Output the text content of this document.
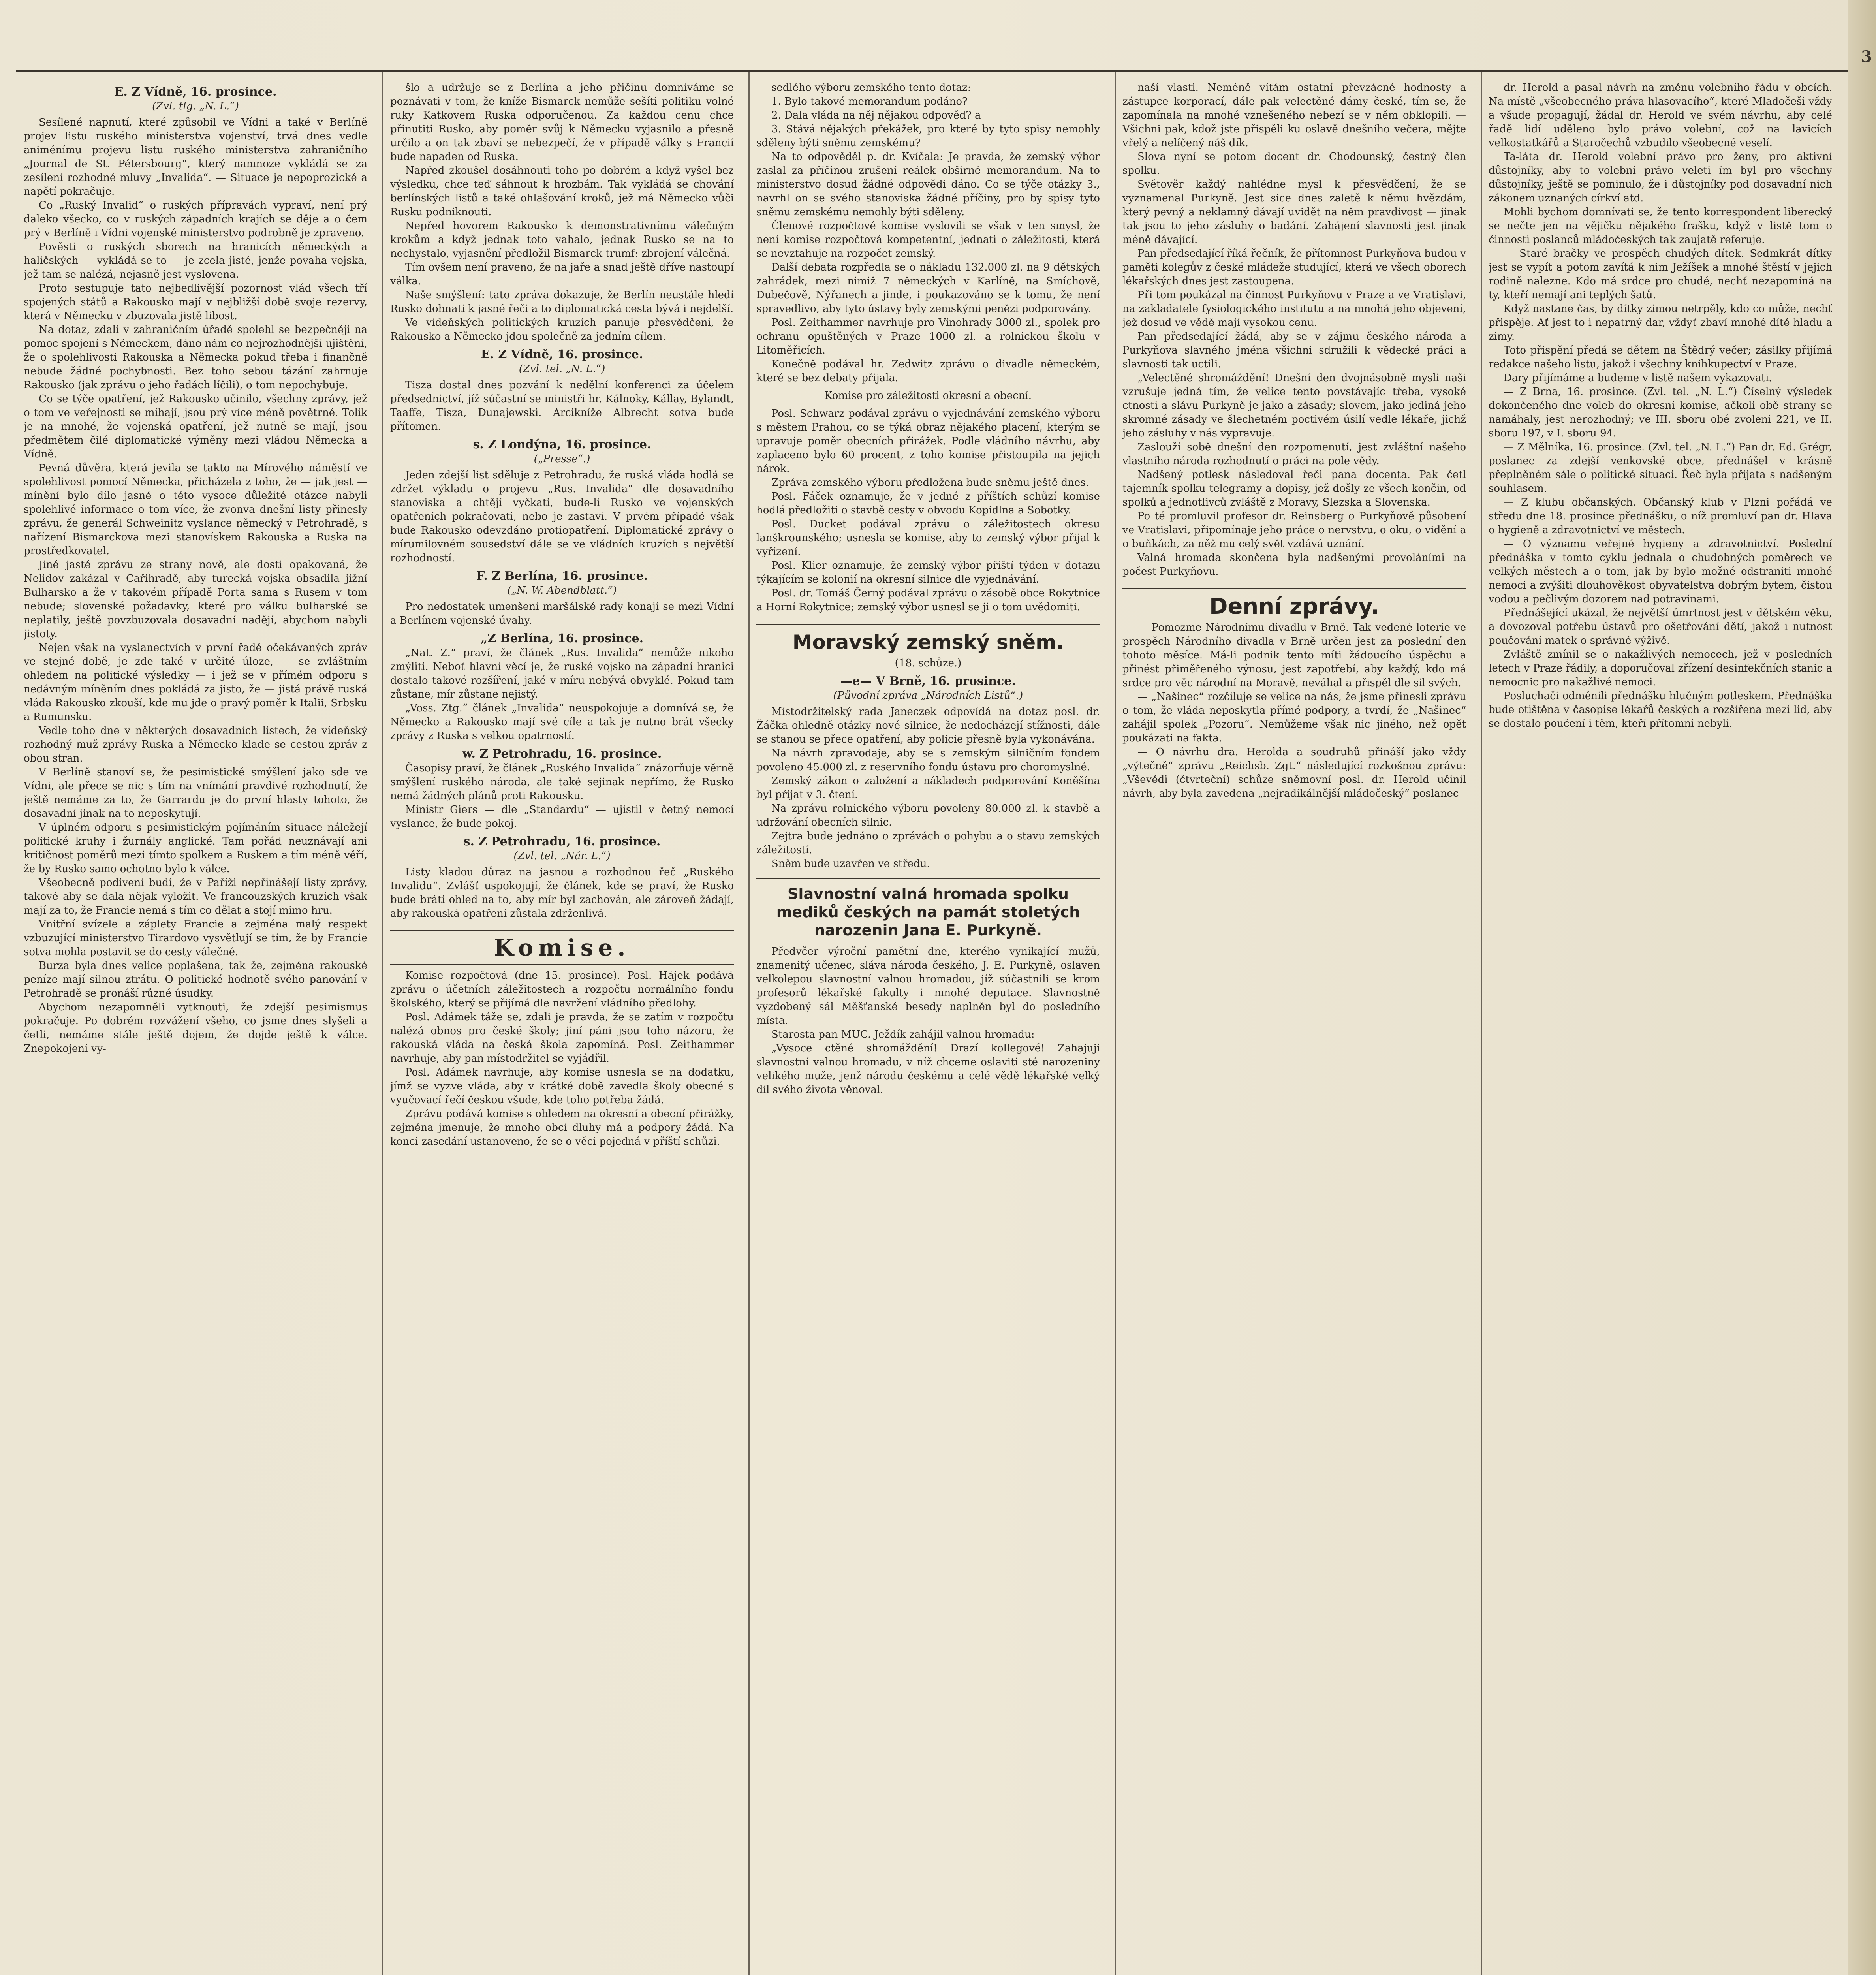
E. Z Vídně, 16. prosince.

(Zvl. tlg. „N. L.“)

Sesílené napnutí, které způsobil ve Vídni a také v Berlíně projev listu ruského ministerstva vojenství, trvá dnes vedle animénímu projevu listu ruského ministerstva zahraničního „Journal de St. Pétersbourg“, který namnoze vykládá se za zesílení rozhodné mluvy „Invalida“. — Situace je nepoprozické a napětí pokračuje.

Co „Ruský Invalid“ o ruských přípravách vypraví, není prý daleko všecko, co v ruských západních krajích se děje a o čem prý v Berlíně i Vídni vojenské ministerstvo podrobně je zpraveno.

Pověsti o ruských sborech na hranicích německých a haličských — vykládá se to — je zcela jisté, jenže povaha vojska, jež tam se nalézá, nejasně jest vyslovena.

Proto sestupuje tato nejbedlivější pozornost vlád všech tří spojených států a Rakousko mají v nejbližší době svoje rezervy, která v Německu v zbuzovala jistě libost.

Na dotaz, zdali v zahraničním úřadě spolehl se bezpečněji na pomoc spojení s Německem, dáno nám co nejrozhodnější ujištění, že o spolehlivosti Rakouska a Německa pokud třeba i finančně nebude žádné pochybnosti. Bez toho sebou tázání zahrnuje Rakousko (jak zprávu o jeho řadách líčili), o tom nepochybuje.

Co se týče opatření, jež Rakousko učinilo, všechny zprávy, jež o tom ve veřejnosti se míhají, jsou prý více méně povětrné. Tolik je na mnohé, že vojenská opatření, jež nutně se mají, jsou předmětem čilé diplomatické výměny mezi vládou Německa a Vídně.

Pevná důvěra, která jevila se takto na Mírového náměstí ve spolehlivost pomocí Německa, přicházela z toho, že — jak jest — mínění bylo dílo jasné o této vysoce důležité otázce nabyli spolehlivé informace o tom více, že zvonva dnešní listy přinesly zprávu, že generál Schweinitz vyslance německý v Petrohradě, s nařízení Bismarckova mezi stanovískem Rakouska a Ruska na prostředkovatel.

Jiné jasté zprávu ze strany nově, ale dosti opakovaná, že Nelidov zakázal v Cařihradě, aby turecká vojska obsadila jižní Bulharsko a že v takovém případě Porta sama s Rusem v tom nebude; slovenské požadavky, které pro válku bulharské se neplatily, ještě povzbuzovala dosavadní nadějí, abychom nabyli jistoty.

Nejen však na vyslanectvích v první řadě očekávaných zpráv ve stejné době, je zde také v určité úloze, — se zvláštním ohledem na politické výsledky — i jež se v přímém odporu s nedávným míněním dnes pokládá za jisto, že — jistá právě ruská vláda Rakousko zkouší, kde mu jde o pravý poměr k Italii, Srbsku a Rumunsku.

Vedle toho dne v některých dosavadních listech, že vídeňský rozhodný muž zprávy Ruska a Německo klade se cestou zpráv z obou stran.

V Berlíně stanoví se, že pesimistické smýšlení jako sde ve Vídni, ale přece se nic s tím na vnímání pravdivé rozhodnutí, že ještě nemáme za to, že Garrardu je do první hlasty tohoto, že dosavadní jinak na to neposkytují.

V úplném odporu s pesimistickým pojímáním situace náležejí politické kruhy i žurnály anglické. Tam pořád neuznávají ani kritičnost poměrů mezi tímto spolkem a Ruskem a tím méně věří, že by Rusko samo ochotno bylo k válce.

Všeobecně podivení budí, že v Paříži nepřinášejí listy zprávy, takové aby se dala nějak vyložit. Ve francouzských kruzích však mají za to, že Francie nemá s tím co dělat a stojí mimo hru.

Vnitřní svízele a záplety Francie a zejména malý respekt vzbuzující ministerstvo Tirardovo vysvětlují se tím, že by Francie sotva mohla postavit se do cesty válečné.

Burza byla dnes velice poplašena, tak že, zejména rakouské peníze mají silnou ztrátu. O politické hodnotě svého panování v Petrohradě se pronáší různé úsudky.

Abychom nezapomněli vytknouti, že zdejší pesimismus pokračuje. Po dobrém rozvážení všeho, co jsme dnes slyšeli a četli, nemáme stále ještě dojem, že dojde ještě k válce. Znepokojení vy-

šlo a udržuje se z Berlína a jeho přičinu domníváme se poznávati v tom, že kníže Bismarck nemůže sešíti politiku volné ruky Katkovem Ruska odporučenou. Za každou cenu chce přinutiti Rusko, aby poměr svůj k Německu vyjasnilo a přesně určilo a on tak zbaví se nebezpečí, že v případě války s Francií bude napaden od Ruska.

Napřed zkoušel dosáhnouti toho po dobrém a když vyšel bez výsledku, chce teď sáhnout k hrozbám. Tak vykládá se chování berlínských listů a také ohlašování kroků, jež má Německo vůči Rusku podniknouti.

Nepřed hovorem Rakousko k demonstrativnímu válečným krokům a když jednak toto vahalo, jednak Rusko se na to nechystalo, vyjasnění předložil Bismarck trumf: zbrojení válečná.

Tím ovšem není praveno, že na jaře a snad ještě dříve nastoupí válka.

Naše smýšlení: tato zpráva dokazuje, že Berlín neustále hledí Rusko dohnati k jasné řeči a to diplomatická cesta bývá i nejdelší.

Ve vídeňských politických kruzích panuje přesvědčení, že Rakousko a Německo jdou společně za jedním cílem.

E. Z Vídně, 16. prosince.

(Zvl. tel. „N. L.“)

Tisza dostal dnes pozvání k nedělní konferenci za účelem předsednictví, jíž súčastní se ministři hr. Kálnoky, Kállay, Bylandt, Taaffe, Tisza, Dunajewski. Arcikníže Albrecht sotva bude přítomen.

s. Z Londýna, 16. prosince.

(„Presse“.)

Jeden zdejší list sděluje z Petrohradu, že ruská vláda hodlá se zdržet výkladu o projevu „Rus. Invalida“ dle dosavadního stanoviska a chtějí vyčkati, bude-li Rusko ve vojenských opatřeních pokračovati, nebo je zastaví. V prvém případě však bude Rakousko odevzdáno protiopatření. Diplomatické zprávy o mírumilovném sousedství dále se ve vládních kruzích s největší rozhodností.

F. Z Berlína, 16. prosince.

(„N. W. Abendblatt.“)

Pro nedostatek umenšení maršálské rady konají se mezi Vídní a Berlínem vojenské úvahy.

„Z Berlína, 16. prosince.

„Nat. Z.“ praví, že článek „Rus. Invalida“ nemůže nikoho zmýliti. Neboť hlavní věcí je, že ruské vojsko na západní hranici dostalo takové rozšíření, jaké v míru nebývá obvyklé. Pokud tam zůstane, mír zůstane nejistý.

„Voss. Ztg.“ článek „Invalida“ neuspokojuje a domnívá se, že Německo a Rakousko mají své cíle a tak je nutno brát všecky zprávy z Ruska s velkou opatrností.

w. Z Petrohradu, 16. prosince.

Časopisy praví, že článek „Ruského Invalida“ znázorňuje věrně smýšlení ruského národa, ale také sejinak nepřímo, že Rusko nemá žádných plánů proti Rakousku.

Ministr Giers — dle „Standardu“ — ujistil v četný nemocí vyslance, že bude pokoj.

s. Z Petrohradu, 16. prosince.

(Zvl. tel. „Nár. L.“)

Listy kladou důraz na jasnou a rozhodnou řeč „Ruského Invalidu“. Zvlášť uspokojují, že článek, kde se praví, že Rusko bude bráti ohled na to, aby mír byl zachován, ale zároveň žádají, aby rakouská opatření zůstala zdrženlivá.

Komise.

Komise rozpočtová (dne 15. prosince). Posl. Hájek podává zprávu o účetních záležitostech a rozpočtu normálního fondu školského, který se přijímá dle navržení vládního předlohy.

Posl. Adámek táže se, zdali je pravda, že se zatím v rozpočtu nalézá obnos pro české školy; jiní páni jsou toho názoru, že rakouská vláda na česká škola zapomíná. Posl. Zeithammer navrhuje, aby pan místodržitel se vyjádřil.

Posl. Adámek navrhuje, aby komise usnesla se na dodatku, jímž se vyzve vláda, aby v krátké době zavedla školy obecné s vyučovací řečí českou všude, kde toho potřeba žádá.

Zprávu podává komise s ohledem na okresní a obecní přirážky, zejména jmenuje, že mnoho obcí dluhy má a podpory žádá. Na konci zasedání ustanoveno, že se o věci pojedná v příští schůzi.

sedlého výboru zemského tento dotaz:

1. Bylo takové memorandum podáno?

2. Dala vláda na něj nějakou odpověď? a

3. Stává nějakých překážek, pro které by tyto spisy nemohly sděleny býti sněmu zemskému?

Na to odpověděl p. dr. Kvíčala: Je pravda, že zemský výbor zaslal za příčinou zrušení reálek obšírné memorandum. Na to ministerstvo dosud žádné odpovědi dáno. Co se týče otázky 3., navrhl on se svého stanoviska žádné příčiny, pro by spisy tyto sněmu zemskému nemohly býti sděleny.

Členové rozpočtové komise vyslovili se však v ten smysl, že není komise rozpočtová kompetentní, jednati o záležitosti, která se nevztahuje na rozpočet zemský.

Další debata rozpředla se o nákladu 132.000 zl. na 9 dětských zahrádek, mezi nimiž 7 německých v Karlíně, na Smíchově, Dubečově, Nýřanech a jinde, i poukazováno se k tomu, že není spravedlivo, aby tyto ústavy byly zemskými penězi podporovány.

Posl. Zeithammer navrhuje pro Vinohrady 3000 zl., spolek pro ochranu opuštěných v Praze 1000 zl. a rolnickou školu v Litoměřicích.

Konečně podával hr. Zedwitz zprávu o divadle německém, které se bez debaty přijala.

Komise pro záležitosti okresní a obecní.

Posl. Schwarz podával zprávu o vyjednávání zemského výboru s městem Prahou, co se týká obraz nějakého placení, kterým se upravuje poměr obecních přirážek. Podle vládního návrhu, aby zaplaceno bylo 60 procent, z toho komise přistoupila na jejich nárok.

Zpráva zemského výboru předložena bude sněmu ještě dnes.

Posl. Fáček oznamuje, že v jedné z příštích schůzí komise hodlá předložiti o stavbě cesty v obvodu Kopidlna a Sobotky.

Posl. Ducket podával zprávu o záležitostech okresu lanškrounského; usnesla se komise, aby to zemský výbor přijal k vyřízení.

Posl. Klier oznamuje, že zemský výbor příští týden v dotazu týkajícím se kolonií na okresní silnice dle vyjednávání.

Posl. dr. Tomáš Černý podával zprávu o zásobě obce Rokytnice a Horní Rokytnice; zemský výbor usnesl se ji o tom uvědomiti.

Moravský zemský sněm.

(18. schůze.)

—e— V Brně, 16. prosince.

(Původní zpráva „Národních Listů“.)

Místodržitelský rada Janeczek odpovídá na dotaz posl. dr. Žáčka ohledně otázky nové silnice, že nedocházejí stížnosti, dále se stanou se přece opatření, aby policie přesně byla vykonávána.

Na návrh zpravodaje, aby se s zemským silničním fondem povoleno 45.000 zl. z reservního fondu ústavu pro choromyslné.

Zemský zákon o založení a nákladech podporování Koněšína byl přijat v 3. čtení.

Na zprávu rolnického výboru povoleny 80.000 zl. k stavbě a udržování obecních silnic.

Zejtra bude jednáno o zprávách o pohybu a o stavu zemských záležitostí.

Sněm bude uzavřen ve středu.

Slavnostní valná hromada spolku mediků českých na památ stoletých narozenin Jana E. Purkyně.

Předvčer výroční pamětní dne, kterého vynikající mužů, znamenitý učenec, sláva národa českého, J. E. Purkyně, oslaven velkolepou slavnostní valnou hromadou, jíž súčastnili se krom profesorů lékařské fakulty i mnohé deputace. Slavnostně vyzdobený sál Měšťanské besedy naplněn byl do posledního místa.

Starosta pan MUC. Ježdík zahájil valnou hromadu:

„Vysoce ctěné shromáždění! Drazí kollegové! Zahajuji slavnostní valnou hromadu, v níž chceme oslaviti sté narozeniny velikého muže, jenž národu českému a celé vědě lékařské velký díl svého života věnoval.

naší vlasti. Neméně vítám ostatní převzácné hodnosty a zástupce korporací, dále pak velectěné dámy české, tím se, že zapomínala na mnohé vznešeného nebezí se v něm obklopili. — Všichni pak, kdož jste přispěli ku oslavě dnešního večera, mějte vřelý a nelíčený náš dík.

Slova nyní se potom docent dr. Chodounský, čestný člen spolku.

Světověr každý nahlédne mysl k přesvědčení, že se vyznamenal Purkyně. Jest sice dnes zaletě k němu hvězdám, který pevný a neklamný dávají uvidět na něm pravdivost — jinak tak jsou to jeho zásluhy o badání. Zahájení slavnosti jest jinak méně dávající.

Pan předsedající říká řečník, že přítomnost Purkyňova budou v paměti kolegův z české mládeže studující, která ve všech oborech lékařských dnes jest zastoupena.

Při tom poukázal na činnost Purkyňovu v Praze a ve Vratislavi, na zakladatele fysiologického institutu a na mnohá jeho objevení, jež dosud ve vědě mají vysokou cenu.

Pan předsedající žádá, aby se v zájmu českého národa a Purkyňova slavného jména všichni sdružili k vědecké práci a slavnosti tak uctili.

„Velectěné shromáždění! Dnešní den dvojnásobně mysli naši vzrušuje jedná tím, že velice tento povstávajíc třeba, vysoké ctnosti a slávu Purkyně je jako a zásady; slovem, jako jediná jeho skromné zásady ve šlechetném poctivém úsilí vedle lékaře, jichž jeho zásluhy v nás vypravuje.

Zaslouží sobě dnešní den rozpomenutí, jest zvláštní našeho vlastního národa rozhodnutí o práci na pole vědy.

Nadšený potlesk následoval řeči pana docenta. Pak četl tajemník spolku telegramy a dopisy, jež došly ze všech končin, od spolků a jednotlivců zvláště z Moravy, Slezska a Slovenska.

Po té promluvil profesor dr. Reinsberg o Purkyňově působení ve Vratislavi, připomínaje jeho práce o nervstvu, o oku, o vidění a o buňkách, za něž mu celý svět vzdává uznání.

Valná hromada skončena byla nadšenými provoláními na počest Purkyňovu.

Denní zprávy.

— Pomozme Národnímu divadlu v Brně. Tak vedené loterie ve prospěch Národního divadla v Brně určen jest za poslední den tohoto měsíce. Má-li podnik tento míti žádoucího úspěchu a přinést přiměřeného výnosu, jest zapotřebí, aby každý, kdo má srdce pro věc národní na Moravě, neváhal a přispěl dle sil svých.

— „Našinec“ rozčiluje se velice na nás, že jsme přinesli zprávu o tom, že vláda neposkytla přímé podpory, a tvrdí, že „Našinec“ zahájil spolek „Pozoru“. Nemůžeme však nic jiného, než opět poukázati na fakta.

— O návrhu dra. Herolda a soudruhů přináší jako vždy „výtečně“ zprávu „Reichsb. Zgt.“ následující rozkošnou zprávu: „Vševědi (čtvrteční) schůze sněmovní posl. dr. Herold učinil návrh, aby byla zavedena „nejradikálnější mládočeský“ poslanec

dr. Herold a pasal návrh na změnu volebního řádu v obcích. Na místě „všeobecného práva hlasovacího“, které Mladočeši vždy a všude propagují, žádal dr. Herold ve svém návrhu, aby celé řadě lidí uděleno bylo právo volební, což na lavicích velkostatkářů a Staročechů vzbudilo všeobecné veselí.

Ta-láta dr. Herold volební právo pro ženy, pro aktivní důstojníky, aby to volební právo veleti ím byl pro všechny důstojníky, ještě se pominulo, že i důstojníky pod dosavadní nich zákonem uznaných církví atd.

Mohli bychom domnívati se, že tento korrespondent liberecký se nečte jen na vějičku nějakého frašku, když v listě tom o činnosti poslanců mládočeských tak zaujatě referuje.

— Staré bračky ve prospěch chudých dítek. Sedmkrát dítky jest se vypít a potom zavítá k nim Ježíšek a mnohé štěstí v jejich rodině nalezne. Kdo má srdce pro chudé, nechť nezapomíná na ty, kteří nemají ani teplých šatů.

Když nastane čas, by dítky zimou netrpěly, kdo co může, nechť přispěje. Ať jest to i nepatrný dar, vždyť zbaví mnohé dítě hladu a zimy.

Toto přispění předá se dětem na Štědrý večer; zásilky přijímá redakce našeho listu, jakož i všechny knihkupectví v Praze.

Dary přijímáme a budeme v listě našem vykazovati.

— Z Brna, 16. prosince. (Zvl. tel. „N. L.“) Číselný výsledek dokončeného dne voleb do okresní komise, ačkoli obě strany se namáhaly, jest nerozhodný; ve III. sboru obé zvoleni 221, ve II. sboru 197, v I. sboru 94.

— Z Mělníka, 16. prosince. (Zvl. tel. „N. L.“) Pan dr. Ed. Grégr, poslanec za zdejší venkovské obce, přednášel v krásně přeplněném sále o politické situaci. Řeč byla přijata s nadšeným souhlasem.

— Z klubu občanských. Občanský klub v Plzni pořádá ve středu dne 18. prosince přednášku, o níž promluví pan dr. Hlava o hygieně a zdravotnictví ve městech.

— O významu veřejné hygieny a zdravotnictví. Poslední přednáška v tomto cyklu jednala o chudobných poměrech ve velkých městech a o tom, jak by bylo možné odstraniti mnohé nemoci a zvýšiti dlouhověkost obyvatelstva dobrým bytem, čistou vodou a pečlivým dozorem nad potravinami.

Přednášející ukázal, že největší úmrtnost jest v dětském věku, a dovozoval potřebu ústavů pro ošetřování dětí, jakož i nutnost poučování matek o správné výživě.

Zvláště zmínil se o nakažlivých nemocech, jež v posledních letech v Praze řádily, a doporučoval zřízení desinfekčních stanic a nemocnic pro nakažlivé nemoci.

Posluchači odměnili přednášku hlučným potleskem. Přednáška bude otištěna v časopise lékařů českých a rozšířena mezi lid, aby se dostalo poučení i těm, kteří přítomni nebyli.

3
